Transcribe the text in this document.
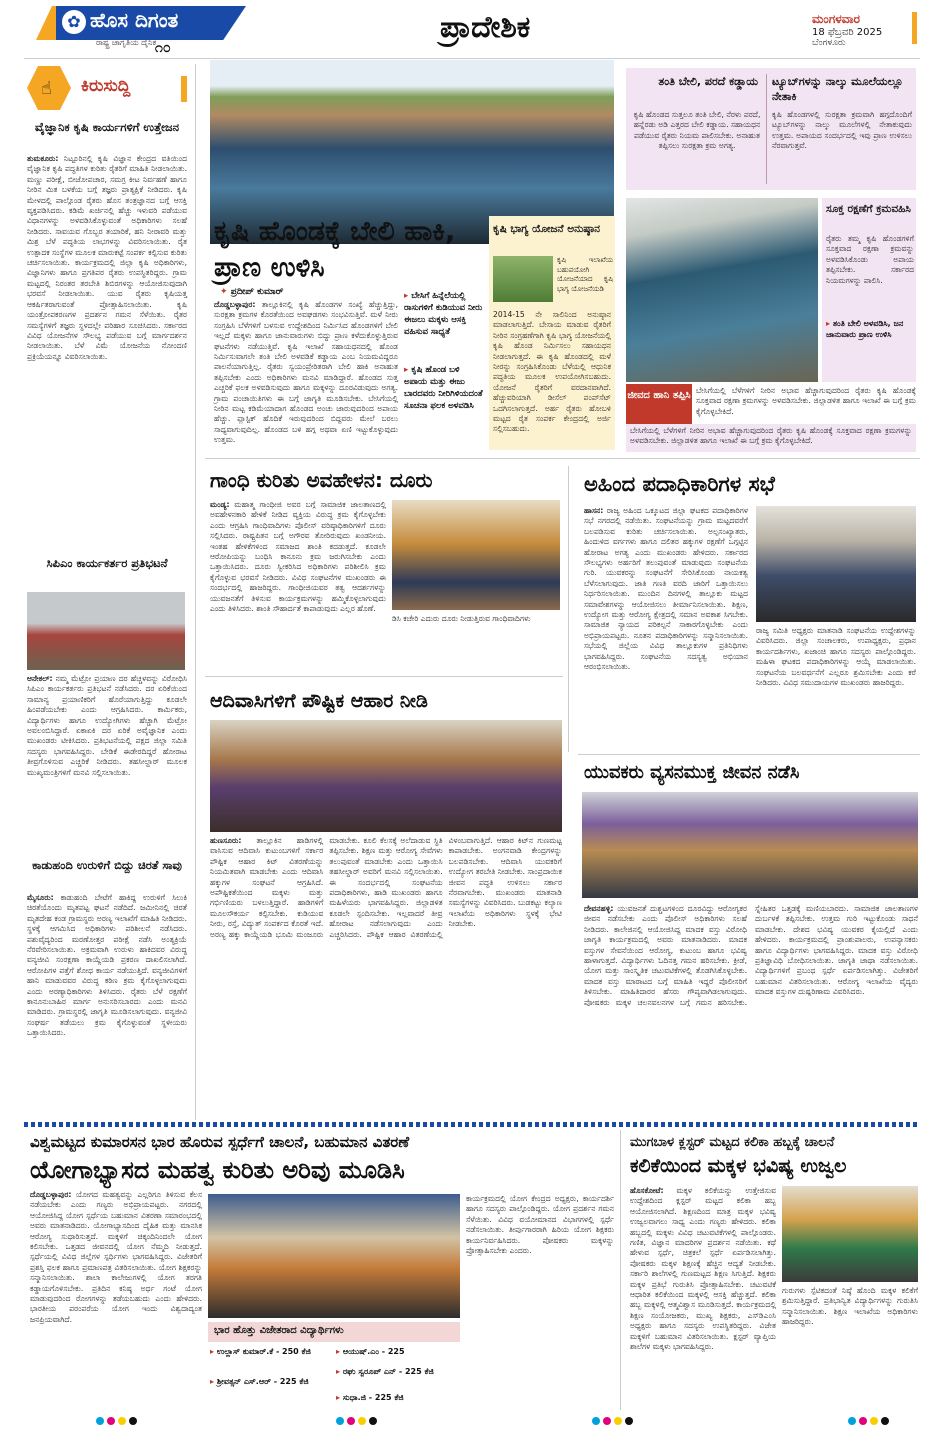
✿ ಹೊಸ ದಿಗಂತ
ರಾಷ್ಟ್ರ ಜಾಗೃತಿಯ ದೈನಿಕ
೧೦
ಪ್ರಾದೇಶಿಕ	ಮಂಗಳವಾರ
18 ಫೆಬ್ರವರಿ 2025
ಬೆಂಗಳೂರು
☝ ಕಿರುಸುದ್ದಿ
ವೈಜ್ಞಾನಿಕ ಕೃಷಿ ಕಾರ್ಯಗಳಿಗೆ ಉತ್ತೇಜನ
ತುಮಕೂರು: ನಿಟ್ಟೂರಿನಲ್ಲಿ ಕೃಷಿ ವಿಜ್ಞಾನ ಕೇಂದ್ರದ ವತಿಯಿಂದ ವೈಜ್ಞಾನಿಕ ಕೃಷಿ ಪದ್ಧತಿಗಳ ಕುರಿತು ರೈತರಿಗೆ ಮಾಹಿತಿ ನೀಡಲಾಯಿತು. ಮಣ್ಣು ಪರೀಕ್ಷೆ, ಬೀಜೋಪಚಾರ, ಸಮಗ್ರ ಕೀಟ ನಿರ್ವಹಣೆ ಹಾಗೂ ನೀರಿನ ಮಿತ ಬಳಕೆಯ ಬಗ್ಗೆ ತಜ್ಞರು ಪ್ರಾತ್ಯಕ್ಷಿಕೆ ನೀಡಿದರು. ಕೃಷಿ ಮೇಳದಲ್ಲಿ ಪಾಲ್ಗೊಂಡ ರೈತರು ಹೊಸ ತಂತ್ರಜ್ಞಾನದ ಬಗ್ಗೆ ಆಸಕ್ತಿ ವ್ಯಕ್ತಪಡಿಸಿದರು. ಕಡಿಮೆ ಖರ್ಚಿನಲ್ಲಿ ಹೆಚ್ಚು ಇಳುವರಿ ಪಡೆಯುವ ವಿಧಾನಗಳನ್ನು ಅಳವಡಿಸಿಕೊಳ್ಳುವಂತೆ ಅಧಿಕಾರಿಗಳು ಸಲಹೆ ನೀಡಿದರು. ಸಾವಯವ ಗೊಬ್ಬರ ತಯಾರಿಕೆ, ಹನಿ ನೀರಾವರಿ ಮತ್ತು ಮಿಶ್ರ ಬೆಳೆ ಪದ್ಧತಿಯ ಲಾಭಗಳನ್ನು ವಿವರಿಸಲಾಯಿತು. ರೈತ ಉತ್ಪಾದಕ ಸಂಸ್ಥೆಗಳ ಮೂಲಕ ಮಾರುಕಟ್ಟೆ ಸಂಪರ್ಕ ಕಲ್ಪಿಸುವ ಕುರಿತು ಚರ್ಚಿಸಲಾಯಿತು. ಕಾರ್ಯಕ್ರಮದಲ್ಲಿ ಜಿಲ್ಲಾ ಕೃಷಿ ಅಧಿಕಾರಿಗಳು, ವಿಜ್ಞಾನಿಗಳು ಹಾಗೂ ಪ್ರಗತಿಪರ ರೈತರು ಉಪಸ್ಥಿತರಿದ್ದರು. ಗ್ರಾಮ ಮಟ್ಟದಲ್ಲಿ ನಿರಂತರ ತರಬೇತಿ ಶಿಬಿರಗಳನ್ನು ಆಯೋಜಿಸುವುದಾಗಿ ಭರವಸೆ ನೀಡಲಾಯಿತು. ಯುವ ರೈತರು ಕೃಷಿಯತ್ತ ಆಕರ್ಷಿತರಾಗುವಂತೆ ಪ್ರೋತ್ಸಾಹಿಸಲಾಯಿತು. ಕೃಷಿ ಯಂತ್ರೋಪಕರಣಗಳ ಪ್ರದರ್ಶನ ಗಮನ ಸೆಳೆಯಿತು. ರೈತರ ಸಮಸ್ಯೆಗಳಿಗೆ ತಜ್ಞರು ಸ್ಥಳದಲ್ಲೇ ಪರಿಹಾರ ಸೂಚಿಸಿದರು. ಸರ್ಕಾರದ ವಿವಿಧ ಯೋಜನೆಗಳ ಸೌಲಭ್ಯ ಪಡೆಯುವ ಬಗ್ಗೆ ಮಾರ್ಗದರ್ಶನ ನೀಡಲಾಯಿತು. ಬೆಳೆ ವಿಮೆ ಯೋಜನೆಯ ನೋಂದಣಿ ಪ್ರಕ್ರಿಯೆಯನ್ನೂ ವಿವರಿಸಲಾಯಿತು.
ಸಿಪಿಎಂ ಕಾರ್ಯಕರ್ತರ ಪ್ರತಿಭಟನೆ
ಆನೇಕಲ್: ನಮ್ಮ ಮೆಟ್ರೋ ಪ್ರಯಾಣ ದರ ಹೆಚ್ಚಳವನ್ನು ವಿರೋಧಿಸಿ ಸಿಪಿಎಂ ಕಾರ್ಯಕರ್ತರು ಪ್ರತಿಭಟನೆ ನಡೆಸಿದರು. ದರ ಏರಿಕೆಯಿಂದ ಸಾಮಾನ್ಯ ಪ್ರಯಾಣಿಕರಿಗೆ ಹೊರೆಯಾಗುತ್ತಿದ್ದು ಕೂಡಲೇ ಹಿಂಪಡೆಯಬೇಕು ಎಂದು ಆಗ್ರಹಿಸಿದರು. ಕಾರ್ಮಿಕರು, ವಿದ್ಯಾರ್ಥಿಗಳು ಹಾಗೂ ಉದ್ಯೋಗಿಗಳು ಹೆಚ್ಚಾಗಿ ಮೆಟ್ರೋ ಅವಲಂಬಿಸಿದ್ದಾರೆ. ಏಕಾಏಕಿ ದರ ಏರಿಕೆ ಅವೈಜ್ಞಾನಿಕ ಎಂದು ಮುಖಂಡರು ಟೀಕಿಸಿದರು. ಪ್ರತಿಭಟನೆಯಲ್ಲಿ ಪಕ್ಷದ ಜಿಲ್ಲಾ ಸಮಿತಿ ಸದಸ್ಯರು ಭಾಗವಹಿಸಿದ್ದರು. ಬೇಡಿಕೆ ಈಡೇರದಿದ್ದರೆ ಹೋರಾಟ ತೀವ್ರಗೊಳಿಸುವ ಎಚ್ಚರಿಕೆ ನೀಡಿದರು. ತಹಸೀಲ್ದಾರ್ ಮೂಲಕ ಮುಖ್ಯಮಂತ್ರಿಗಳಿಗೆ ಮನವಿ ಸಲ್ಲಿಸಲಾಯಿತು.
ಕಾಡುಹಂದಿ ಉರುಳಿಗೆ ಬಿದ್ದು ಚಿರತೆ ಸಾವು
ಮೈಸೂರು: ಕಾಡುಹಂದಿ ಬೇಟೆಗೆ ಹಾಕಿದ್ದ ಉರುಳಿಗೆ ಸಿಲುಕಿ ಚಿರತೆಯೊಂದು ಮೃತಪಟ್ಟ ಘಟನೆ ನಡೆದಿದೆ. ಜಮೀನಿನಲ್ಲಿ ಚಿರತೆ ಮೃತದೇಹ ಕಂಡ ಗ್ರಾಮಸ್ಥರು ಅರಣ್ಯ ಇಲಾಖೆಗೆ ಮಾಹಿತಿ ನೀಡಿದರು. ಸ್ಥಳಕ್ಕೆ ಆಗಮಿಸಿದ ಅಧಿಕಾರಿಗಳು ಪರಿಶೀಲನೆ ನಡೆಸಿದರು. ಪಶುವೈದ್ಯರಿಂದ ಮರಣೋತ್ತರ ಪರೀಕ್ಷೆ ನಡೆಸಿ ಅಂತ್ಯಕ್ರಿಯೆ ನೆರವೇರಿಸಲಾಯಿತು. ಅಕ್ರಮವಾಗಿ ಉರುಳು ಹಾಕಿದವರ ವಿರುದ್ಧ ವನ್ಯಜೀವಿ ಸಂರಕ್ಷಣಾ ಕಾಯ್ದೆಯಡಿ ಪ್ರಕರಣ ದಾಖಲಿಸಲಾಗಿದೆ. ಆರೋಪಿಗಳ ಪತ್ತೆಗೆ ಶೋಧ ಕಾರ್ಯ ನಡೆಯುತ್ತಿದೆ. ವನ್ಯಜೀವಿಗಳಿಗೆ ಹಾನಿ ಮಾಡುವವರ ವಿರುದ್ಧ ಕಠಿಣ ಕ್ರಮ ಕೈಗೊಳ್ಳಲಾಗುವುದು ಎಂದು ಅರಣ್ಯಾಧಿಕಾರಿಗಳು ತಿಳಿಸಿದರು. ರೈತರು ಬೆಳೆ ರಕ್ಷಣೆಗೆ ಕಾನೂನುಬಾಹಿರ ಮಾರ್ಗ ಅನುಸರಿಸಬಾರದು ಎಂದು ಮನವಿ ಮಾಡಿದರು. ಗ್ರಾಮಸ್ಥರಲ್ಲಿ ಜಾಗೃತಿ ಮೂಡಿಸಲಾಗುವುದು. ವನ್ಯಜೀವಿ ಸಂಘರ್ಷ ತಡೆಯಲು ಕ್ರಮ ಕೈಗೊಳ್ಳುವಂತೆ ಸ್ಥಳೀಯರು ಒತ್ತಾಯಿಸಿದರು.
ಕೃಷಿ ಹೊಂಡಕ್ಕೆ ಬೇಲಿ ಹಾಕಿ, ಪ್ರಾಣ ಉಳಿಸಿ
✦ ಪ್ರದೀಪ್ ಕುಮಾರ್
ದೊಡ್ಡಬಳ್ಳಾಪುರ: ತಾಲ್ಲೂಕಿನಲ್ಲಿ ಕೃಷಿ ಹೊಂಡಗಳ ಸಂಖ್ಯೆ ಹೆಚ್ಚುತ್ತಿದ್ದು, ಸುರಕ್ಷತಾ ಕ್ರಮಗಳ ಕೊರತೆಯಿಂದ ಅವಘಡಗಳು ಸಂಭವಿಸುತ್ತಿವೆ. ಮಳೆ ನೀರು ಸಂಗ್ರಹಿಸಿ ಬೆಳೆಗಳಿಗೆ ಬಳಸುವ ಉದ್ದೇಶದಿಂದ ನಿರ್ಮಿಸಿದ ಹೊಂಡಗಳಿಗೆ ಬೇಲಿ ಇಲ್ಲದೆ ಮಕ್ಕಳು ಹಾಗೂ ಜಾನುವಾರುಗಳು ಬಿದ್ದು ಪ್ರಾಣ ಕಳೆದುಕೊಳ್ಳುತ್ತಿರುವ ಘಟನೆಗಳು ನಡೆಯುತ್ತಿವೆ. ಕೃಷಿ ಇಲಾಖೆ ಸಹಾಯಧನದಲ್ಲಿ ಹೊಂಡ ನಿರ್ಮಿಸುವಾಗಲೇ ತಂತಿ ಬೇಲಿ ಅಳವಡಿಕೆ ಕಡ್ಡಾಯ ಎಂಬ ನಿಯಮವಿದ್ದರೂ ಪಾಲನೆಯಾಗುತ್ತಿಲ್ಲ. ರೈತರು ಸ್ವಯಂಪ್ರೇರಿತರಾಗಿ ಬೇಲಿ ಹಾಕಿ ಅನಾಹುತ ತಪ್ಪಿಸಬೇಕು ಎಂದು ಅಧಿಕಾರಿಗಳು ಮನವಿ ಮಾಡಿದ್ದಾರೆ. ಹೊಂಡದ ಸುತ್ತ ಎಚ್ಚರಿಕೆ ಫಲಕ ಅಳವಡಿಸುವುದು ಹಾಗೂ ಮಕ್ಕಳನ್ನು ದೂರವಿಡುವುದು ಅಗತ್ಯ. ಗ್ರಾಮ ಪಂಚಾಯಿತಿಗಳು ಈ ಬಗ್ಗೆ ಜಾಗೃತಿ ಮೂಡಿಸಬೇಕು. ಬೇಸಿಗೆಯಲ್ಲಿ ನೀರಿನ ಮಟ್ಟ ಕಡಿಮೆಯಾದಾಗ ಹೊಂಡದ ಅಂಚು ಜಾರುವುದರಿಂದ ಅಪಾಯ ಹೆಚ್ಚು. ಪ್ಲಾಸ್ಟಿಕ್ ಹೊದಿಕೆ ಇರುವುದರಿಂದ ಬಿದ್ದವರು ಮೇಲೆ ಬರಲು ಸಾಧ್ಯವಾಗುವುದಿಲ್ಲ. ಹೊಂಡದ ಬಳಿ ಹಗ್ಗ ಅಥವಾ ಏಣಿ ಇಟ್ಟುಕೊಳ್ಳುವುದು ಉತ್ತಮ.
▸ ಬೇಸಿಗೆ ಹಿನ್ನೆಲೆಯಲ್ಲಿ ರಾಸುಗಳಿಗೆ ಕುಡಿಯುವ ನೀರು ಈಜಲು ಮಕ್ಕಳು ಆಸಕ್ತಿ ವಹಿಸುವ ಸಾಧ್ಯತೆ
▸ ಕೃಷಿ ಹೊಂಡ ಬಳಿ ಅಪಾಯ ಮತ್ತು ಈಜು ಬಾರದವರು ನೀರಿಗಿಳಿಯದಂತೆ ಸೂಚನಾ ಫಲಕ ಅಳವಡಿಸಿ
ಕೃಷಿ ಭಾಗ್ಯ ಯೋಜನೆ ಅನುಷ್ಠಾನ
ಕೃಷಿ ಇಲಾಖೆಯ ಬಹುಪಯೋಗಿ ಯೋಜನೆಯಾದ ಕೃಷಿ ಭಾಗ್ಯ ಯೋಜನೆಯಡಿ
2014-15 ನೇ ಸಾಲಿನಿಂದ ಅನುಷ್ಠಾನ ಮಾಡಲಾಗುತ್ತಿದೆ. ಬೇಸಾಯ ಮಾಡುವ ರೈತರಿಗೆ ನೀರಿನ ಸಂಗ್ರಹಣೆಗಾಗಿ ಕೃಷಿ ಭಾಗ್ಯ ಯೋಜನೆಯಲ್ಲಿ ಕೃಷಿ ಹೊಂಡ ನಿರ್ಮಿಸಲು ಸಹಾಯಧನ ನೀಡಲಾಗುತ್ತದೆ. ಈ ಕೃಷಿ ಹೊಂಡದಲ್ಲಿ ಮಳೆ ನೀರನ್ನು ಸಂಗ್ರಹಿಸಿಕೊಂಡು ಬೆಳೆಯಲ್ಲಿ ಆಧುನಿಕ ಪದ್ಧತಿಯ ಮೂಲಕ ಉಪಯೋಗಿಸಬಹುದು. ಯೋಜನೆ ರೈತರಿಗೆ ವರದಾನವಾಗಿದೆ. ಹೆಚ್ಚುವರಿಯಾಗಿ ಡೀಸೆಲ್ ಪಂಪ್‌ಸೆಟ್ ಒದಗಿಸಲಾಗುತ್ತದೆ. ಅರ್ಹ ರೈತರು ಹೋಬಳಿ ಮಟ್ಟದ ರೈತ ಸಂಪರ್ಕ ಕೇಂದ್ರದಲ್ಲಿ ಅರ್ಜಿ ಸಲ್ಲಿಸಬಹುದು.
ತಂತಿ ಬೇಲಿ, ಪರದೆ ಕಡ್ಡಾಯ
ಕೃಷಿ ಹೊಂಡದ ಸುತ್ತಲೂ ತಂತಿ ಬೇಲಿ, ನೆರಳು ಪರದೆ, ಹನ್ನೆರಡು ಅಡಿ ಎತ್ತರದ ಬೇಲಿ ಕಡ್ಡಾಯ. ಸಹಾಯಧನ ಪಡೆಯುವ ರೈತರು ನಿಯಮ ಪಾಲಿಸಬೇಕು. ಅನಾಹುತ ತಪ್ಪಿಸಲು ಸುರಕ್ಷತಾ ಕ್ರಮ ಅಗತ್ಯ.
ಟ್ಯೂಬ್‌ಗಳನ್ನು ನಾಲ್ಕು ಮೂಲೆಯಲ್ಲೂ ನೇತಾಕಿ
ಕೃಷಿ ಹೊಂಡಗಳಲ್ಲಿ ಸುರಕ್ಷತಾ ಕ್ರಮವಾಗಿ ಹಗ್ಗದೊಂದಿಗೆ ಟ್ಯೂಬ್‌ಗಳನ್ನು ನಾಲ್ಕು ಮೂಲೆಗಳಲ್ಲಿ ನೇತಾಕುವುದು ಉತ್ತಮ. ಅಪಾಯದ ಸಂದರ್ಭದಲ್ಲಿ ಇವು ಪ್ರಾಣ ಉಳಿಸಲು ನೆರವಾಗುತ್ತವೆ.
ಸೂಕ್ತ ರಕ್ಷಣೆಗೆ ಕ್ರಮವಹಿಸಿ
ರೈತರು ತಮ್ಮ ಕೃಷಿ ಹೊಂಡಗಳಿಗೆ ಸೂಕ್ತವಾದ ರಕ್ಷಣಾ ಕ್ರಮವನ್ನು ಅಳವಡಿಸಿಕೊಂಡು ಅಪಾಯ ತಪ್ಪಿಸಬೇಕು. ಸರ್ಕಾರದ ನಿಯಮಗಳನ್ನು ಪಾಲಿಸಿ.
▸ ತಂತಿ ಬೇಲಿ ಅಳವಡಿಸಿ, ಜನ ಜಾನುವಾರು ಪ್ರಾಣ ಉಳಿಸಿ
ಜೀವದ ಹಾನಿ ತಪ್ಪಿಸಿ
ಬೇಸಿಗೆಯಲ್ಲಿ ಬೆಳೆಗಳಿಗೆ ನೀರಿನ ಅಭಾವ ಹೆಚ್ಚಾಗುವುದರಿಂದ ರೈತರು ಕೃಷಿ ಹೊಂಡಕ್ಕೆ ಸೂಕ್ತವಾದ ರಕ್ಷಣಾ ಕ್ರಮಗಳನ್ನು ಅಳವಡಿಸಬೇಕು. ಜಿಲ್ಲಾಡಳಿತ ಹಾಗೂ ಇಲಾಖೆ ಈ ಬಗ್ಗೆ ಕ್ರಮ ಕೈಗೊಳ್ಳಬೇಕಿದೆ.
ಬೇಸಿಗೆಯಲ್ಲಿ ಬೆಳೆಗಳಿಗೆ ನೀರಿನ ಅಭಾವ ಹೆಚ್ಚಾಗುವುದರಿಂದ ರೈತರು ಕೃಷಿ ಹೊಂಡಕ್ಕೆ ಸೂಕ್ತವಾದ ರಕ್ಷಣಾ ಕ್ರಮಗಳನ್ನು ಅಳವಡಿಸಬೇಕು. ಜಿಲ್ಲಾಡಳಿತ ಹಾಗೂ ಇಲಾಖೆ ಈ ಬಗ್ಗೆ ಕ್ರಮ ಕೈಗೊಳ್ಳಬೇಕಿದೆ.
ಗಾಂಧಿ ಕುರಿತು ಅವಹೇಳನ: ದೂರು
ಮಂಡ್ಯ: ಮಹಾತ್ಮ ಗಾಂಧೀಜಿ ಅವರ ಬಗ್ಗೆ ಸಾಮಾಜಿಕ ಜಾಲತಾಣದಲ್ಲಿ ಅವಹೇಳನಕಾರಿ ಹೇಳಿಕೆ ನೀಡಿದ ವ್ಯಕ್ತಿಯ ವಿರುದ್ಧ ಕ್ರಮ ಕೈಗೊಳ್ಳಬೇಕು ಎಂದು ಆಗ್ರಹಿಸಿ ಗಾಂಧಿವಾದಿಗಳು ಪೊಲೀಸ್ ವರಿಷ್ಠಾಧಿಕಾರಿಗಳಿಗೆ ದೂರು ಸಲ್ಲಿಸಿದರು. ರಾಷ್ಟ್ರಪಿತನ ಬಗ್ಗೆ ಅಗೌರವ ತೋರಿರುವುದು ಖಂಡನೀಯ. ಇಂತಹ ಹೇಳಿಕೆಗಳಿಂದ ಸಮಾಜದ ಶಾಂತಿ ಕದಡುತ್ತದೆ. ಕೂಡಲೇ ಆರೋಪಿಯನ್ನು ಬಂಧಿಸಿ ಕಾನೂನು ಕ್ರಮ ಜರುಗಿಸಬೇಕು ಎಂದು ಒತ್ತಾಯಿಸಿದರು. ದೂರು ಸ್ವೀಕರಿಸಿದ ಅಧಿಕಾರಿಗಳು ಪರಿಶೀಲಿಸಿ ಕ್ರಮ ಕೈಗೊಳ್ಳುವ ಭರವಸೆ ನೀಡಿದರು. ವಿವಿಧ ಸಂಘಟನೆಗಳ ಮುಖಂಡರು ಈ ಸಂದರ್ಭದಲ್ಲಿ ಹಾಜರಿದ್ದರು. ಗಾಂಧೀಜಿಯವರ ತತ್ವ ಆದರ್ಶಗಳನ್ನು ಯುವಜನತೆಗೆ ತಿಳಿಸುವ ಕಾರ್ಯಕ್ರಮಗಳನ್ನು ಹಮ್ಮಿಕೊಳ್ಳಲಾಗುವುದು ಎಂದು ತಿಳಿಸಿದರು. ಶಾಂತಿ ಸೌಹಾರ್ದತೆ ಕಾಪಾಡುವುದು ಎಲ್ಲರ ಹೊಣೆ.
ಡಿಸಿ ಕಚೇರಿ ಎದುರು ದೂರು ನೀಡುತ್ತಿರುವ ಗಾಂಧಿವಾದಿಗಳು
ಅಹಿಂದ ಪದಾಧಿಕಾರಿಗಳ ಸಭೆ
ಹಾಸನ: ರಾಜ್ಯ ಅಹಿಂದ ಒಕ್ಕೂಟದ ಜಿಲ್ಲಾ ಘಟಕದ ಪದಾಧಿಕಾರಿಗಳ ಸಭೆ ನಗರದಲ್ಲಿ ನಡೆಯಿತು. ಸಂಘಟನೆಯನ್ನು ಗ್ರಾಮ ಮಟ್ಟದವರೆಗೆ ಬಲಪಡಿಸುವ ಕುರಿತು ಚರ್ಚಿಸಲಾಯಿತು. ಅಲ್ಪಸಂಖ್ಯಾತರು, ಹಿಂದುಳಿದ ವರ್ಗಗಳು ಹಾಗೂ ದಲಿತರ ಹಕ್ಕುಗಳ ರಕ್ಷಣೆಗೆ ಒಗ್ಗಟ್ಟಿನ ಹೋರಾಟ ಅಗತ್ಯ ಎಂದು ಮುಖಂಡರು ಹೇಳಿದರು. ಸರ್ಕಾರದ ಸೌಲಭ್ಯಗಳು ಅರ್ಹರಿಗೆ ತಲುಪುವಂತೆ ಮಾಡುವುದು ಸಂಘಟನೆಯ ಗುರಿ. ಯುವಕರನ್ನು ಸಂಘಟನೆಗೆ ಸೇರಿಸಿಕೊಂಡು ನಾಯಕತ್ವ ಬೆಳೆಸಲಾಗುವುದು. ಜಾತಿ ಗಣತಿ ವರದಿ ಜಾರಿಗೆ ಒತ್ತಾಯಿಸಲು ನಿರ್ಧರಿಸಲಾಯಿತು. ಮುಂದಿನ ದಿನಗಳಲ್ಲಿ ತಾಲ್ಲೂಕು ಮಟ್ಟದ ಸಮಾವೇಶಗಳನ್ನು ಆಯೋಜಿಸಲು ತೀರ್ಮಾನಿಸಲಾಯಿತು. ಶಿಕ್ಷಣ, ಉದ್ಯೋಗ ಮತ್ತು ಆರೋಗ್ಯ ಕ್ಷೇತ್ರದಲ್ಲಿ ಸಮಾನ ಅವಕಾಶ ಸಿಗಬೇಕು. ಸಾಮಾಜಿಕ ನ್ಯಾಯದ ಪರಿಕಲ್ಪನೆ ಸಾಕಾರಗೊಳ್ಳಬೇಕು ಎಂದು ಅಭಿಪ್ರಾಯಪಟ್ಟರು. ನೂತನ ಪದಾಧಿಕಾರಿಗಳನ್ನು ಸನ್ಮಾನಿಸಲಾಯಿತು. ಸಭೆಯಲ್ಲಿ ಜಿಲ್ಲೆಯ ವಿವಿಧ ತಾಲ್ಲೂಕುಗಳ ಪ್ರತಿನಿಧಿಗಳು ಭಾಗವಹಿಸಿದ್ದರು. ಸಂಘಟನೆಯ ಸದಸ್ಯತ್ವ ಅಭಿಯಾನ ಆರಂಭಿಸಲಾಯಿತು.
ರಾಜ್ಯ ಸಮಿತಿ ಅಧ್ಯಕ್ಷರು ಮಾತನಾಡಿ ಸಂಘಟನೆಯ ಉದ್ದೇಶಗಳನ್ನು ವಿವರಿಸಿದರು. ಜಿಲ್ಲಾ ಸಂಚಾಲಕರು, ಉಪಾಧ್ಯಕ್ಷರು, ಪ್ರಧಾನ ಕಾರ್ಯದರ್ಶಿಗಳು, ಖಜಾಂಚಿ ಹಾಗೂ ಸದಸ್ಯರು ಪಾಲ್ಗೊಂಡಿದ್ದರು. ಮಹಿಳಾ ಘಟಕದ ಪದಾಧಿಕಾರಿಗಳನ್ನು ಆಯ್ಕೆ ಮಾಡಲಾಯಿತು. ಸಂಘಟನೆಯ ಬಲವರ್ಧನೆಗೆ ಎಲ್ಲರೂ ಶ್ರಮಿಸಬೇಕು ಎಂದು ಕರೆ ನೀಡಿದರು. ವಿವಿಧ ಸಮುದಾಯಗಳ ಮುಖಂಡರು ಹಾಜರಿದ್ದರು.
ಆದಿವಾಸಿಗಳಿಗೆ ಪೌಷ್ಟಿಕ ಆಹಾರ ನೀಡಿ
ಹುಣಸೂರು: ತಾಲ್ಲೂಕಿನ ಹಾಡಿಗಳಲ್ಲಿ ವಾಸಿಸುವ ಆದಿವಾಸಿ ಕುಟುಂಬಗಳಿಗೆ ಸರ್ಕಾರ ಪೌಷ್ಟಿಕ ಆಹಾರ ಕಿಟ್ ವಿತರಣೆಯನ್ನು ನಿಯಮಿತವಾಗಿ ಮಾಡಬೇಕು ಎಂದು ಆದಿವಾಸಿ ಹಕ್ಕುಗಳ ಸಂಘಟನೆ ಆಗ್ರಹಿಸಿದೆ. ಅಪೌಷ್ಟಿಕತೆಯಿಂದ ಮಕ್ಕಳು ಮತ್ತು ಗರ್ಭಿಣಿಯರು ಬಳಲುತ್ತಿದ್ದಾರೆ. ಹಾಡಿಗಳಿಗೆ ಮೂಲಸೌಕರ್ಯ ಕಲ್ಪಿಸಬೇಕು. ಕುಡಿಯುವ ನೀರು, ರಸ್ತೆ, ವಿದ್ಯುತ್ ಸಂಪರ್ಕದ ಕೊರತೆ ಇದೆ. ಅರಣ್ಯ ಹಕ್ಕು ಕಾಯ್ದೆಯಡಿ ಭೂಮಿ ಮಂಜೂರು ಮಾಡಬೇಕು. ಕೂಲಿ ಕೆಲಸಕ್ಕೆ ಅಲೆದಾಡುವ ಸ್ಥಿತಿ ತಪ್ಪಿಸಬೇಕು. ಶಿಕ್ಷಣ ಮತ್ತು ಆರೋಗ್ಯ ಸೇವೆಗಳು ತಲುಪುವಂತೆ ಮಾಡಬೇಕು ಎಂದು ಒತ್ತಾಯಿಸಿ ತಹಸೀಲ್ದಾರ್ ಅವರಿಗೆ ಮನವಿ ಸಲ್ಲಿಸಲಾಯಿತು. ಈ ಸಂದರ್ಭದಲ್ಲಿ ಸಂಘಟನೆಯ ಪದಾಧಿಕಾರಿಗಳು, ಹಾಡಿ ಮುಖಂಡರು ಹಾಗೂ ಮಹಿಳೆಯರು ಭಾಗವಹಿಸಿದ್ದರು. ಜಿಲ್ಲಾಡಳಿತ ಕೂಡಲೇ ಸ್ಪಂದಿಸಬೇಕು. ಇಲ್ಲವಾದರೆ ತೀವ್ರ ಹೋರಾಟ ನಡೆಸಲಾಗುವುದು ಎಂದು ಎಚ್ಚರಿಸಿದರು. ಪೌಷ್ಟಿಕ ಆಹಾರ ವಿತರಣೆಯಲ್ಲಿ ವಿಳಂಬವಾಗುತ್ತಿದೆ. ಆಹಾರ ಕಿಟ್‌ನ ಗುಣಮಟ್ಟ ಕಾಪಾಡಬೇಕು. ಅಂಗನವಾಡಿ ಕೇಂದ್ರಗಳನ್ನು ಬಲಪಡಿಸಬೇಕು. ಆದಿವಾಸಿ ಯುವಕರಿಗೆ ಉದ್ಯೋಗ ತರಬೇತಿ ನೀಡಬೇಕು. ಸಾಂಪ್ರದಾಯಿಕ ಜೀವನ ಪದ್ಧತಿ ಉಳಿಸಲು ಸರ್ಕಾರ ನೆರವಾಗಬೇಕು. ಮುಖಂಡರು ಮಾತನಾಡಿ ಸಮಸ್ಯೆಗಳನ್ನು ವಿವರಿಸಿದರು. ಬುಡಕಟ್ಟು ಕಲ್ಯಾಣ ಇಲಾಖೆಯ ಅಧಿಕಾರಿಗಳು ಸ್ಥಳಕ್ಕೆ ಭೇಟಿ ನೀಡಬೇಕು.
ಯುವಕರು ವ್ಯಸನಮುಕ್ತ ಜೀವನ ನಡೆಸಿ
ದೇವನಹಳ್ಳಿ: ಯುವಜನತೆ ದುಶ್ಚಟಗಳಿಂದ ದೂರವಿದ್ದು ಆರೋಗ್ಯಕರ ಜೀವನ ನಡೆಸಬೇಕು ಎಂದು ಪೊಲೀಸ್ ಅಧಿಕಾರಿಗಳು ಸಲಹೆ ನೀಡಿದರು. ಕಾಲೇಜಿನಲ್ಲಿ ಆಯೋಜಿಸಿದ್ದ ಮಾದಕ ವಸ್ತು ವಿರೋಧಿ ಜಾಗೃತಿ ಕಾರ್ಯಕ್ರಮದಲ್ಲಿ ಅವರು ಮಾತನಾಡಿದರು. ಮಾದಕ ವಸ್ತುಗಳ ಸೇವನೆಯಿಂದ ಆರೋಗ್ಯ, ಕುಟುಂಬ ಹಾಗೂ ಭವಿಷ್ಯ ಹಾಳಾಗುತ್ತದೆ. ವಿದ್ಯಾರ್ಥಿಗಳು ಓದಿನತ್ತ ಗಮನ ಹರಿಸಬೇಕು. ಕ್ರೀಡೆ, ಯೋಗ ಮತ್ತು ಸಾಂಸ್ಕೃತಿಕ ಚಟುವಟಿಕೆಗಳಲ್ಲಿ ತೊಡಗಿಸಿಕೊಳ್ಳಬೇಕು. ಮಾದಕ ವಸ್ತು ಮಾರಾಟದ ಬಗ್ಗೆ ಮಾಹಿತಿ ಇದ್ದರೆ ಪೊಲೀಸರಿಗೆ ತಿಳಿಸಬೇಕು. ಮಾಹಿತಿದಾರರ ಹೆಸರು ಗೌಪ್ಯವಾಗಿಡಲಾಗುವುದು. ಪೋಷಕರು ಮಕ್ಕಳ ಚಲನವಲನಗಳ ಬಗ್ಗೆ ಗಮನ ಹರಿಸಬೇಕು. ಸ್ನೇಹಿತರ ಒತ್ತಡಕ್ಕೆ ಮಣಿಯಬಾರದು. ಸಾಮಾಜಿಕ ಜಾಲತಾಣಗಳ ದುರ್ಬಳಕೆ ತಪ್ಪಿಸಬೇಕು. ಉತ್ತಮ ಗುರಿ ಇಟ್ಟುಕೊಂಡು ಸಾಧನೆ ಮಾಡಬೇಕು. ದೇಶದ ಭವಿಷ್ಯ ಯುವಕರ ಕೈಯಲ್ಲಿದೆ ಎಂದು ಹೇಳಿದರು. ಕಾರ್ಯಕ್ರಮದಲ್ಲಿ ಪ್ರಾಂಶುಪಾಲರು, ಉಪನ್ಯಾಸಕರು ಹಾಗೂ ವಿದ್ಯಾರ್ಥಿಗಳು ಭಾಗವಹಿಸಿದ್ದರು. ಮಾದಕ ವಸ್ತು ವಿರೋಧಿ ಪ್ರತಿಜ್ಞಾವಿಧಿ ಬೋಧಿಸಲಾಯಿತು. ಜಾಗೃತಿ ಜಾಥಾ ನಡೆಸಲಾಯಿತು. ವಿದ್ಯಾರ್ಥಿಗಳಿಗೆ ಪ್ರಬಂಧ ಸ್ಪರ್ಧೆ ಏರ್ಪಡಿಸಲಾಗಿತ್ತು. ವಿಜೇತರಿಗೆ ಬಹುಮಾನ ವಿತರಿಸಲಾಯಿತು. ಆರೋಗ್ಯ ಇಲಾಖೆಯ ವೈದ್ಯರು ಮಾದಕ ವಸ್ತುಗಳ ದುಷ್ಪರಿಣಾಮ ವಿವರಿಸಿದರು.
ವಿಶ್ವಮಟ್ಟದ ಕುಮಾರಸನ ಭಾರ ಹೊರುವ ಸ್ಪರ್ಧೆಗೆ ಚಾಲನೆ, ಬಹುಮಾನ ವಿತರಣೆ
ಯೋಗಾಭ್ಯಾಸದ ಮಹತ್ವ ಕುರಿತು ಅರಿವು ಮೂಡಿಸಿ
ದೊಡ್ಡಬಳ್ಳಾಪುರ: ಯೋಗದ ಮಹತ್ವವನ್ನು ಎಲ್ಲರಿಗೂ ತಿಳಿಸುವ ಕೆಲಸ ನಡೆಯಬೇಕು ಎಂದು ಗಣ್ಯರು ಅಭಿಪ್ರಾಯಪಟ್ಟರು. ನಗರದಲ್ಲಿ ಆಯೋಜಿಸಿದ್ದ ಯೋಗ ಸ್ಪರ್ಧೆಯ ಬಹುಮಾನ ವಿತರಣಾ ಸಮಾರಂಭದಲ್ಲಿ ಅವರು ಮಾತನಾಡಿದರು. ಯೋಗಾಭ್ಯಾಸದಿಂದ ದೈಹಿಕ ಮತ್ತು ಮಾನಸಿಕ ಆರೋಗ್ಯ ಸುಧಾರಿಸುತ್ತದೆ. ಮಕ್ಕಳಿಗೆ ಚಿಕ್ಕಂದಿನಿಂದಲೇ ಯೋಗ ಕಲಿಸಬೇಕು. ಒತ್ತಡದ ಜೀವನದಲ್ಲಿ ಯೋಗ ನೆಮ್ಮದಿ ನೀಡುತ್ತದೆ. ಸ್ಪರ್ಧೆಯಲ್ಲಿ ವಿವಿಧ ಜಿಲ್ಲೆಗಳ ಸ್ಪರ್ಧಿಗಳು ಭಾಗವಹಿಸಿದ್ದರು. ವಿಜೇತರಿಗೆ ಪ್ರಶಸ್ತಿ ಫಲಕ ಹಾಗೂ ಪ್ರಮಾಣಪತ್ರ ವಿತರಿಸಲಾಯಿತು. ಯೋಗ ಶಿಕ್ಷಕರನ್ನು ಸನ್ಮಾನಿಸಲಾಯಿತು. ಶಾಲಾ ಕಾಲೇಜುಗಳಲ್ಲಿ ಯೋಗ ತರಗತಿ ಕಡ್ಡಾಯಗೊಳಿಸಬೇಕು. ಪ್ರತಿದಿನ ಕನಿಷ್ಠ ಅರ್ಧ ಗಂಟೆ ಯೋಗ ಮಾಡುವುದರಿಂದ ರೋಗಗಳನ್ನು ತಡೆಯಬಹುದು ಎಂದು ಹೇಳಿದರು. ಭಾರತೀಯ ಪರಂಪರೆಯ ಯೋಗ ಇಂದು ವಿಶ್ವದಾದ್ಯಂತ ಜನಪ್ರಿಯವಾಗಿದೆ.
ಭಾರ ಹೊತ್ತು ವಿಜೇತರಾದ ವಿದ್ಯಾರ್ಥಿಗಳು
▸ ಉಲ್ಲಾಸ್ ಕುಮಾರ್.ಕೆ - 250 ಕೆಜಿ	▸ ಆಯುಷ್.ಎಂ - 225
▸ ಶ್ರೀವತ್ಸನ್ ಎಸ್.ಆರ್ - 225 ಕೆಜಿ
▸ ರಘು ಸ್ವರೂಪ್ ಎನ್ - 225 ಕೆಜಿ
▸ ಸುಧಾ.ಜಿ - 225 ಕೆಜಿ
ಕಾರ್ಯಕ್ರಮದಲ್ಲಿ ಯೋಗ ಕೇಂದ್ರದ ಅಧ್ಯಕ್ಷರು, ಕಾರ್ಯದರ್ಶಿ ಹಾಗೂ ಸದಸ್ಯರು ಪಾಲ್ಗೊಂಡಿದ್ದರು. ಯೋಗ ಪ್ರದರ್ಶನ ಗಮನ ಸೆಳೆಯಿತು. ವಿವಿಧ ವಯೋಮಾನದ ವಿಭಾಗಗಳಲ್ಲಿ ಸ್ಪರ್ಧೆ ನಡೆಸಲಾಯಿತು. ತೀರ್ಪುಗಾರರಾಗಿ ಹಿರಿಯ ಯೋಗ ಶಿಕ್ಷಕರು ಕಾರ್ಯನಿರ್ವಹಿಸಿದರು. ಪೋಷಕರು ಮಕ್ಕಳನ್ನು ಪ್ರೋತ್ಸಾಹಿಸಬೇಕು ಎಂದರು.
ಮುಗಬಾಳ ಕ್ಲಸ್ಟರ್ ಮಟ್ಟದ ಕಲಿಕಾ ಹಬ್ಬಕ್ಕೆ ಚಾಲನೆ
ಕಲಿಕೆಯಿಂದ ಮಕ್ಕಳ ಭವಿಷ್ಯ ಉಜ್ವಲ
ಹೊಸಕೋಟೆ: ಮಕ್ಕಳ ಕಲಿಕೆಯನ್ನು ಉತ್ತೇಜಿಸುವ ಉದ್ದೇಶದಿಂದ ಕ್ಲಸ್ಟರ್ ಮಟ್ಟದ ಕಲಿಕಾ ಹಬ್ಬ ಆಯೋಜಿಸಲಾಗಿದೆ. ಶಿಕ್ಷಣದಿಂದ ಮಾತ್ರ ಮಕ್ಕಳ ಭವಿಷ್ಯ ಉಜ್ವಲವಾಗಲು ಸಾಧ್ಯ ಎಂದು ಗಣ್ಯರು ಹೇಳಿದರು. ಕಲಿಕಾ ಹಬ್ಬದಲ್ಲಿ ಮಕ್ಕಳು ವಿವಿಧ ಚಟುವಟಿಕೆಗಳಲ್ಲಿ ಪಾಲ್ಗೊಂಡರು. ಗಣಿತ, ವಿಜ್ಞಾನ ಮಾದರಿಗಳ ಪ್ರದರ್ಶನ ನಡೆಯಿತು. ಕಥೆ ಹೇಳುವ ಸ್ಪರ್ಧೆ, ಚಿತ್ರಕಲೆ ಸ್ಪರ್ಧೆ ಏರ್ಪಡಿಸಲಾಗಿತ್ತು. ಪೋಷಕರು ಮಕ್ಕಳ ಶಿಕ್ಷಣಕ್ಕೆ ಹೆಚ್ಚಿನ ಆದ್ಯತೆ ನೀಡಬೇಕು. ಸರ್ಕಾರಿ ಶಾಲೆಗಳಲ್ಲಿ ಗುಣಮಟ್ಟದ ಶಿಕ್ಷಣ ಸಿಗುತ್ತಿದೆ. ಶಿಕ್ಷಕರು ಮಕ್ಕಳ ಪ್ರತಿಭೆ ಗುರುತಿಸಿ ಪ್ರೋತ್ಸಾಹಿಸಬೇಕು. ಚಟುವಟಿಕೆ ಆಧಾರಿತ ಕಲಿಕೆಯಿಂದ ಮಕ್ಕಳಲ್ಲಿ ಆಸಕ್ತಿ ಹೆಚ್ಚುತ್ತದೆ. ಕಲಿಕಾ ಹಬ್ಬ ಮಕ್ಕಳಲ್ಲಿ ಆತ್ಮವಿಶ್ವಾಸ ಮೂಡಿಸುತ್ತದೆ. ಕಾರ್ಯಕ್ರಮದಲ್ಲಿ ಶಿಕ್ಷಣ ಸಂಯೋಜಕರು, ಮುಖ್ಯ ಶಿಕ್ಷಕರು, ಎಸ್‌ಡಿಎಂಸಿ ಅಧ್ಯಕ್ಷರು ಹಾಗೂ ಸದಸ್ಯರು ಉಪಸ್ಥಿತರಿದ್ದರು. ವಿಜೇತ ಮಕ್ಕಳಿಗೆ ಬಹುಮಾನ ವಿತರಿಸಲಾಯಿತು. ಕ್ಲಸ್ಟರ್ ವ್ಯಾಪ್ತಿಯ ಶಾಲೆಗಳ ಮಕ್ಕಳು ಭಾಗವಹಿಸಿದ್ದರು.
ಗುರುಗಳು ಸ್ಪೆಟಿಕದಂತೆ ನಿಷ್ಠೆ ಹೊಂದಿ ಮಕ್ಕಳ ಕಲಿಕೆಗೆ ಶ್ರಮಿಸುತ್ತಿದ್ದಾರೆ. ಪ್ರತಿಭಾನ್ವಿತ ವಿದ್ಯಾರ್ಥಿಗಳನ್ನು ಗುರುತಿಸಿ ಸನ್ಮಾನಿಸಲಾಯಿತು. ಶಿಕ್ಷಣ ಇಲಾಖೆಯ ಅಧಿಕಾರಿಗಳು ಹಾಜರಿದ್ದರು.
